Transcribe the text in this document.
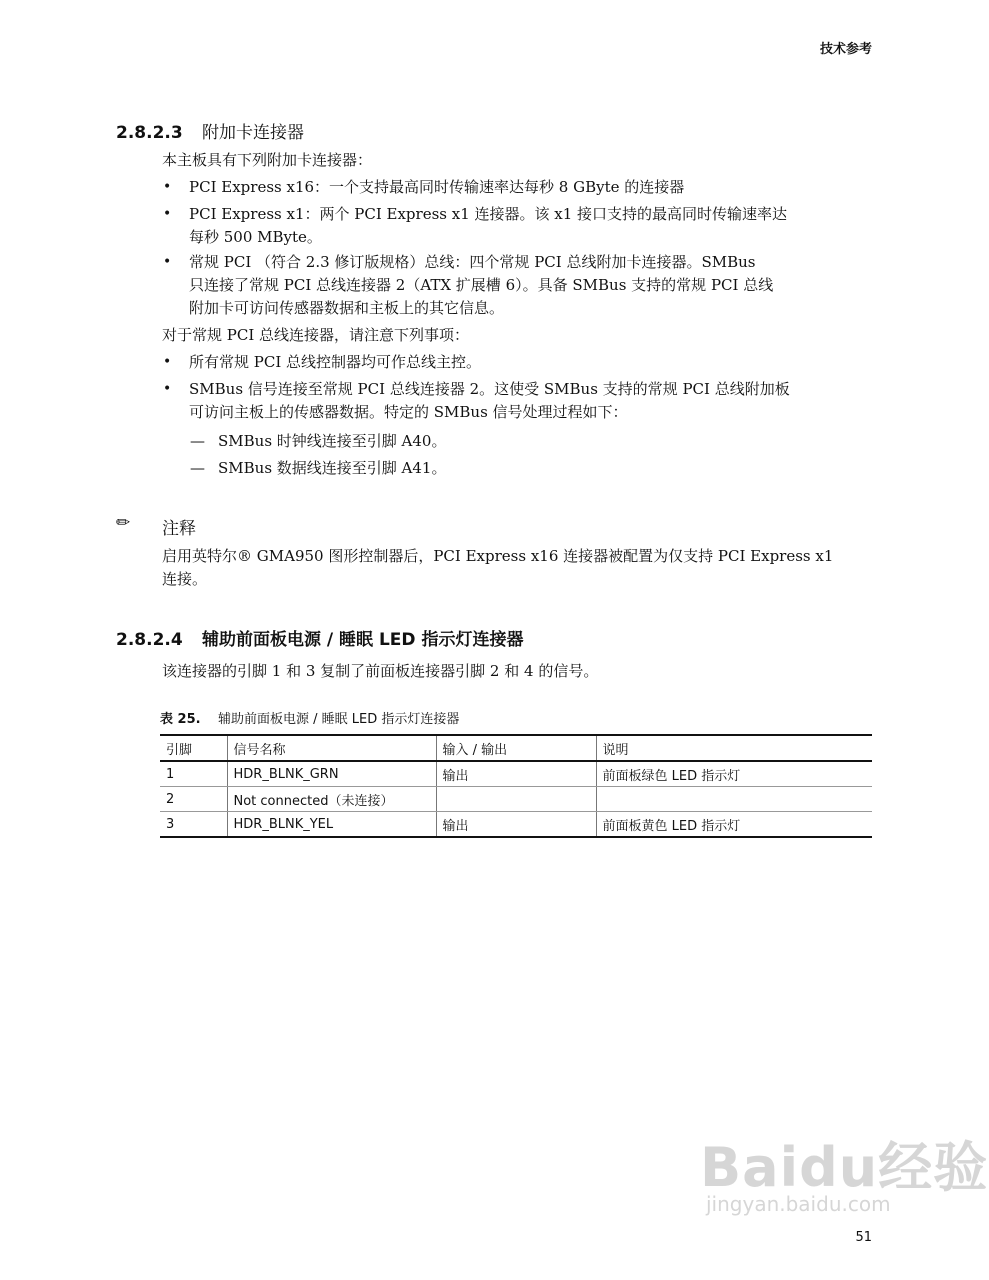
技术参考
2.8.2.3 附加卡连接器
本主板具有下列附加卡连接器：
• PCI Express x16：一个支持最高同时传输速率达每秒 8 GByte 的连接器
• PCI Express x1：两个 PCI Express x1 连接器。该 x1 接口支持的最高同时传输速率达
每秒 500 MByte。
• 常规 PCI （符合 2.3 修订版规格）总线：四个常规 PCI 总线附加卡连接器。SMBus
只连接了常规 PCI 总线连接器 2（ATX 扩展槽 6）。具备 SMBus 支持的常规 PCI 总线
附加卡可访问传感器数据和主板上的其它信息。
对于常规 PCI 总线连接器，请注意下列事项：
• 所有常规 PCI 总线控制器均可作总线主控。
• SMBus 信号连接至常规 PCI 总线连接器 2。这使受 SMBus 支持的常规 PCI 总线附加板
可访问主板上的传感器数据。特定的 SMBus 信号处理过程如下：
— SMBus 时钟线连接至引脚 A40。
— SMBus 数据线连接至引脚 A41。
✏ 注释
启用英特尔® GMA950 图形控制器后，PCI Express x16 连接器被配置为仅支持 PCI Express x1
连接。
2.8.2.4 辅助前面板电源 / 睡眠 LED 指示灯连接器
该连接器的引脚 1 和 3 复制了前面板连接器引脚 2 和 4 的信号。
表 25. 辅助前面板电源 / 睡眠 LED 指示灯连接器
引脚	信号名称	输入 / 输出	说明
1	HDR_BLNK_GRN	输出	前面板绿色 LED 指示灯
2	Not connected（未连接）		
3	HDR_BLNK_YEL	输出	前面板黄色 LED 指示灯
Baidu经验
jingyan.baidu.com
51
